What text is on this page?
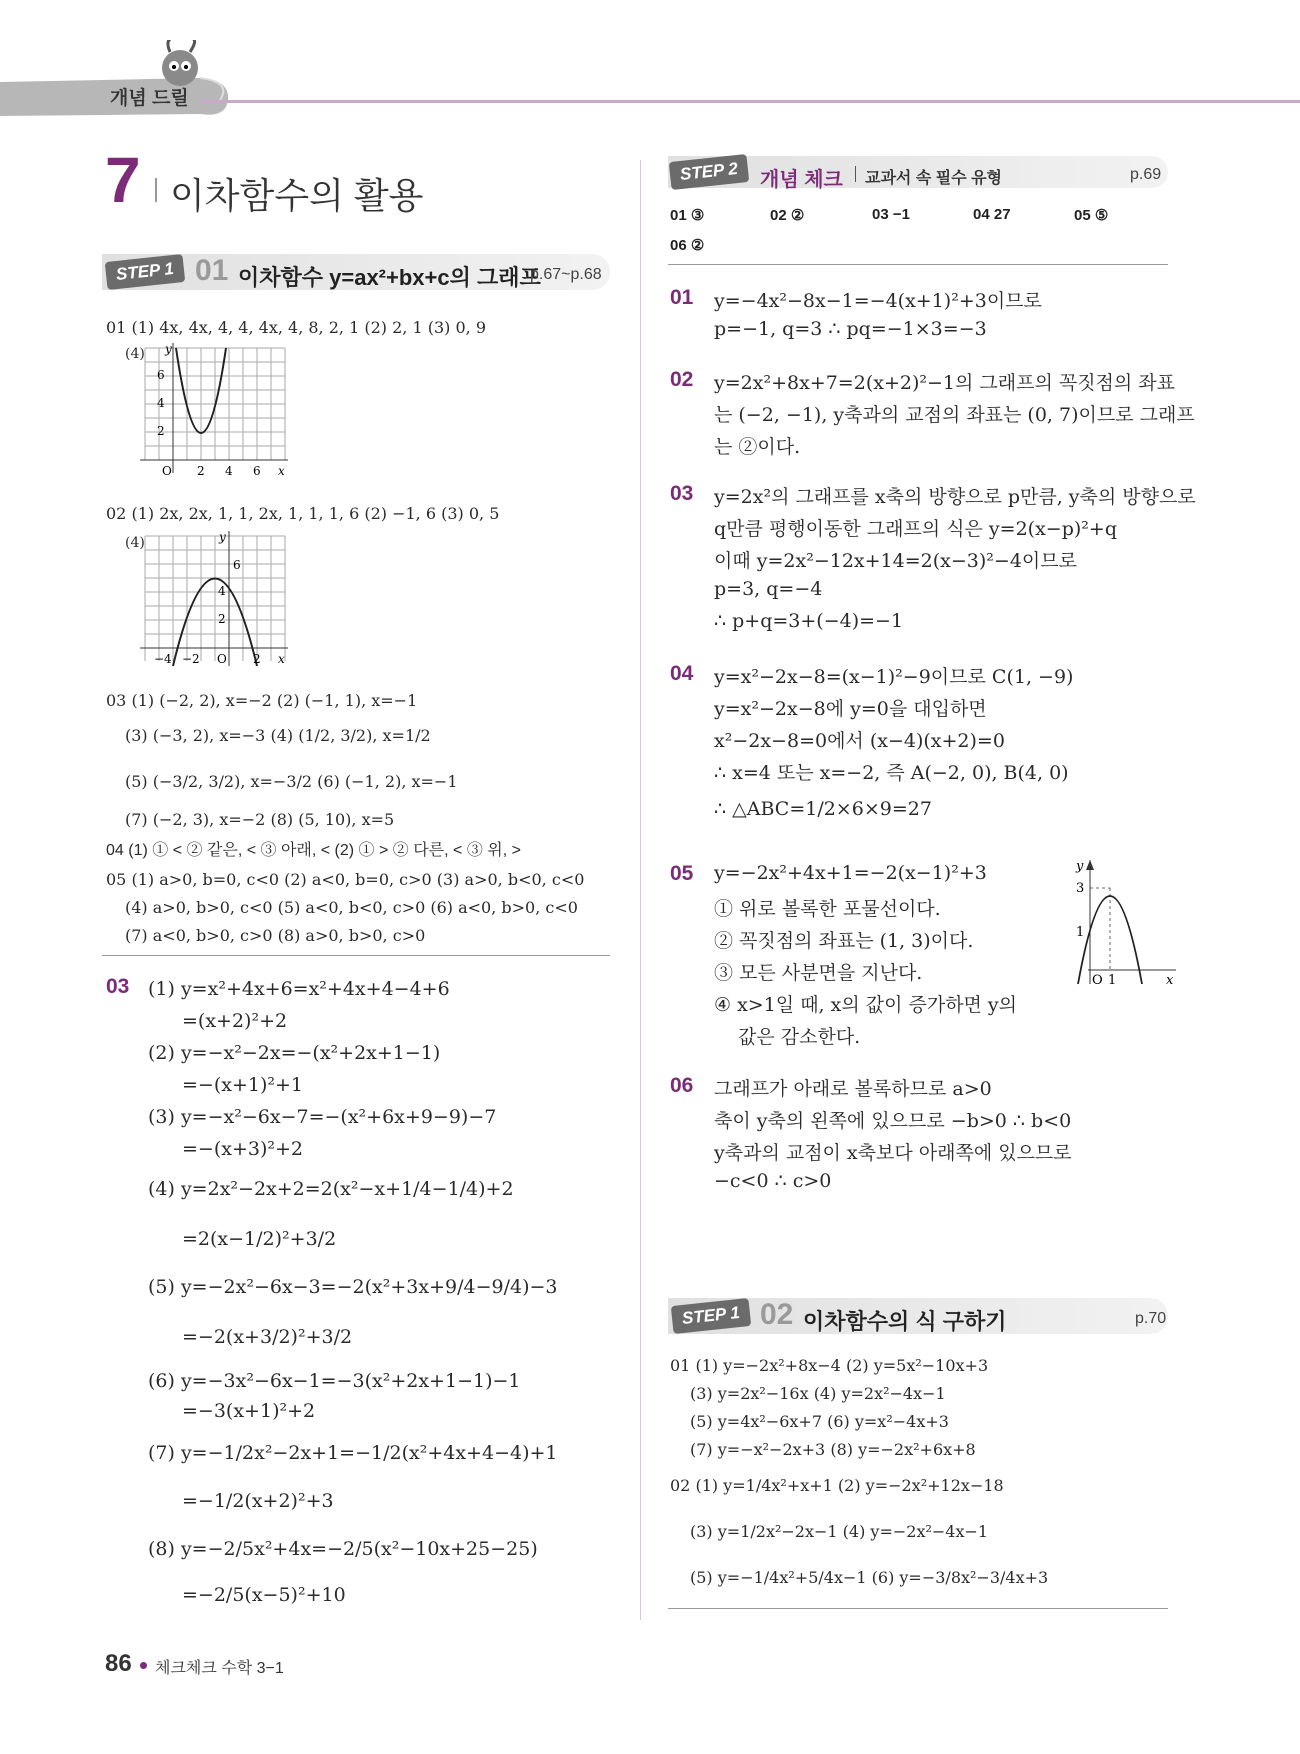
개념 드릴
7 이차함수의 활용
STEP 1 01 이차함수 y=ax²+bx+c의 그래프
p.67~p.68
01 (1) 4x, 4x, 4, 4, 4x, 4, 8, 2, 1 (2) 2, 1 (3) 0, 9
(4) y
6
4
2
O 2 4 6 x
02 (1) 2x, 2x, 1, 1, 2x, 1, 1, 1, 6 (2) −1, 6 (3) 0, 5
(4)	y
6
4
2
−4 −2 O 2 x
03 (1) (−2, 2), x=−2 (2) (−1, 1), x=−1
(3) (−3, 2), x=−3 (4) (1/2, 3/2), x=1/2
(5) (−3/2, 3/2), x=−3/2 (6) (−1, 2), x=−1
(7) (−2, 3), x=−2 (8) (5, 10), x=5
04 (1) ① < ② 같은, < ③ 아래, < (2) ① > ② 다른, < ③ 위, >
05 (1) a>0, b=0, c<0 (2) a<0, b=0, c>0 (3) a>0, b<0, c<0
(4) a>0, b>0, c<0 (5) a<0, b<0, c>0 (6) a<0, b>0, c<0
(7) a<0, b>0, c>0 (8) a>0, b>0, c>0
03 (1) y=x²+4x+6=x²+4x+4−4+6
=(x+2)²+2
(2) y=−x²−2x=−(x²+2x+1−1)
=−(x+1)²+1
(3) y=−x²−6x−7=−(x²+6x+9−9)−7
=−(x+3)²+2
(4) y=2x²−2x+2=2(x²−x+1/4−1/4)+2
=2(x−1/2)²+3/2
(5) y=−2x²−6x−3=−2(x²+3x+9/4−9/4)−3
=−2(x+3/2)²+3/2
(6) y=−3x²−6x−1=−3(x²+2x+1−1)−1
=−3(x+1)²+2
(7) y=−1/2x²−2x+1=−1/2(x²+4x+4−4)+1
=−1/2(x+2)²+3
(8) y=−2/5x²+4x=−2/5(x²−10x+25−25)
=−2/5(x−5)²+10
STEP 2	개념 체크 교과서 속 필수 유형	p.69
01 ③	02 ②	03 −1	04 27	05 ⑤
06 ②
01 y=−4x²−8x−1=−4(x+1)²+3이므로
p=−1, q=3 ∴ pq=−1×3=−3
02 y=2x²+8x+7=2(x+2)²−1의 그래프의 꼭짓점의 좌표
는 (−2, −1), y축과의 교점의 좌표는 (0, 7)이므로 그래프
는 ②이다.
03 y=2x²의 그래프를 x축의 방향으로 p만큼, y축의 방향으로
q만큼 평행이동한 그래프의 식은 y=2(x−p)²+q
이때 y=2x²−12x+14=2(x−3)²−4이므로
p=3, q=−4
∴ p+q=3+(−4)=−1
04 y=x²−2x−8=(x−1)²−9이므로 C(1, −9)
y=x²−2x−8에 y=0을 대입하면
x²−2x−8=0에서 (x−4)(x+2)=0
∴ x=4 또는 x=−2, 즉 A(−2, 0), B(4, 0)
∴ △ABC=1/2×6×9=27
05 y=−2x²+4x+1=−2(x−1)²+3
① 위로 볼록한 포물선이다.
② 꼭짓점의 좌표는 (1, 3)이다.
③ 모든 사분면을 지난다.
④ x>1일 때, x의 값이 증가하면 y의
값은 감소한다.
y
3
1
O 1	x
06 그래프가 아래로 볼록하므로 a>0
축이 y축의 왼쪽에 있으므로 −b>0 ∴ b<0
y축과의 교점이 x축보다 아래쪽에 있으므로
−c<0 ∴ c>0
STEP 1 02 이차함수의 식 구하기	p.70
01 (1) y=−2x²+8x−4 (2) y=5x²−10x+3
(3) y=2x²−16x (4) y=2x²−4x−1
(5) y=4x²−6x+7 (6) y=x²−4x+3
(7) y=−x²−2x+3 (8) y=−2x²+6x+8
02 (1) y=1/4x²+x+1 (2) y=−2x²+12x−18
(3) y=1/2x²−2x−1 (4) y=−2x²−4x−1
(5) y=−1/4x²+5/4x−1 (6) y=−3/8x²−3/4x+3
86 체크체크 수학 3−1
